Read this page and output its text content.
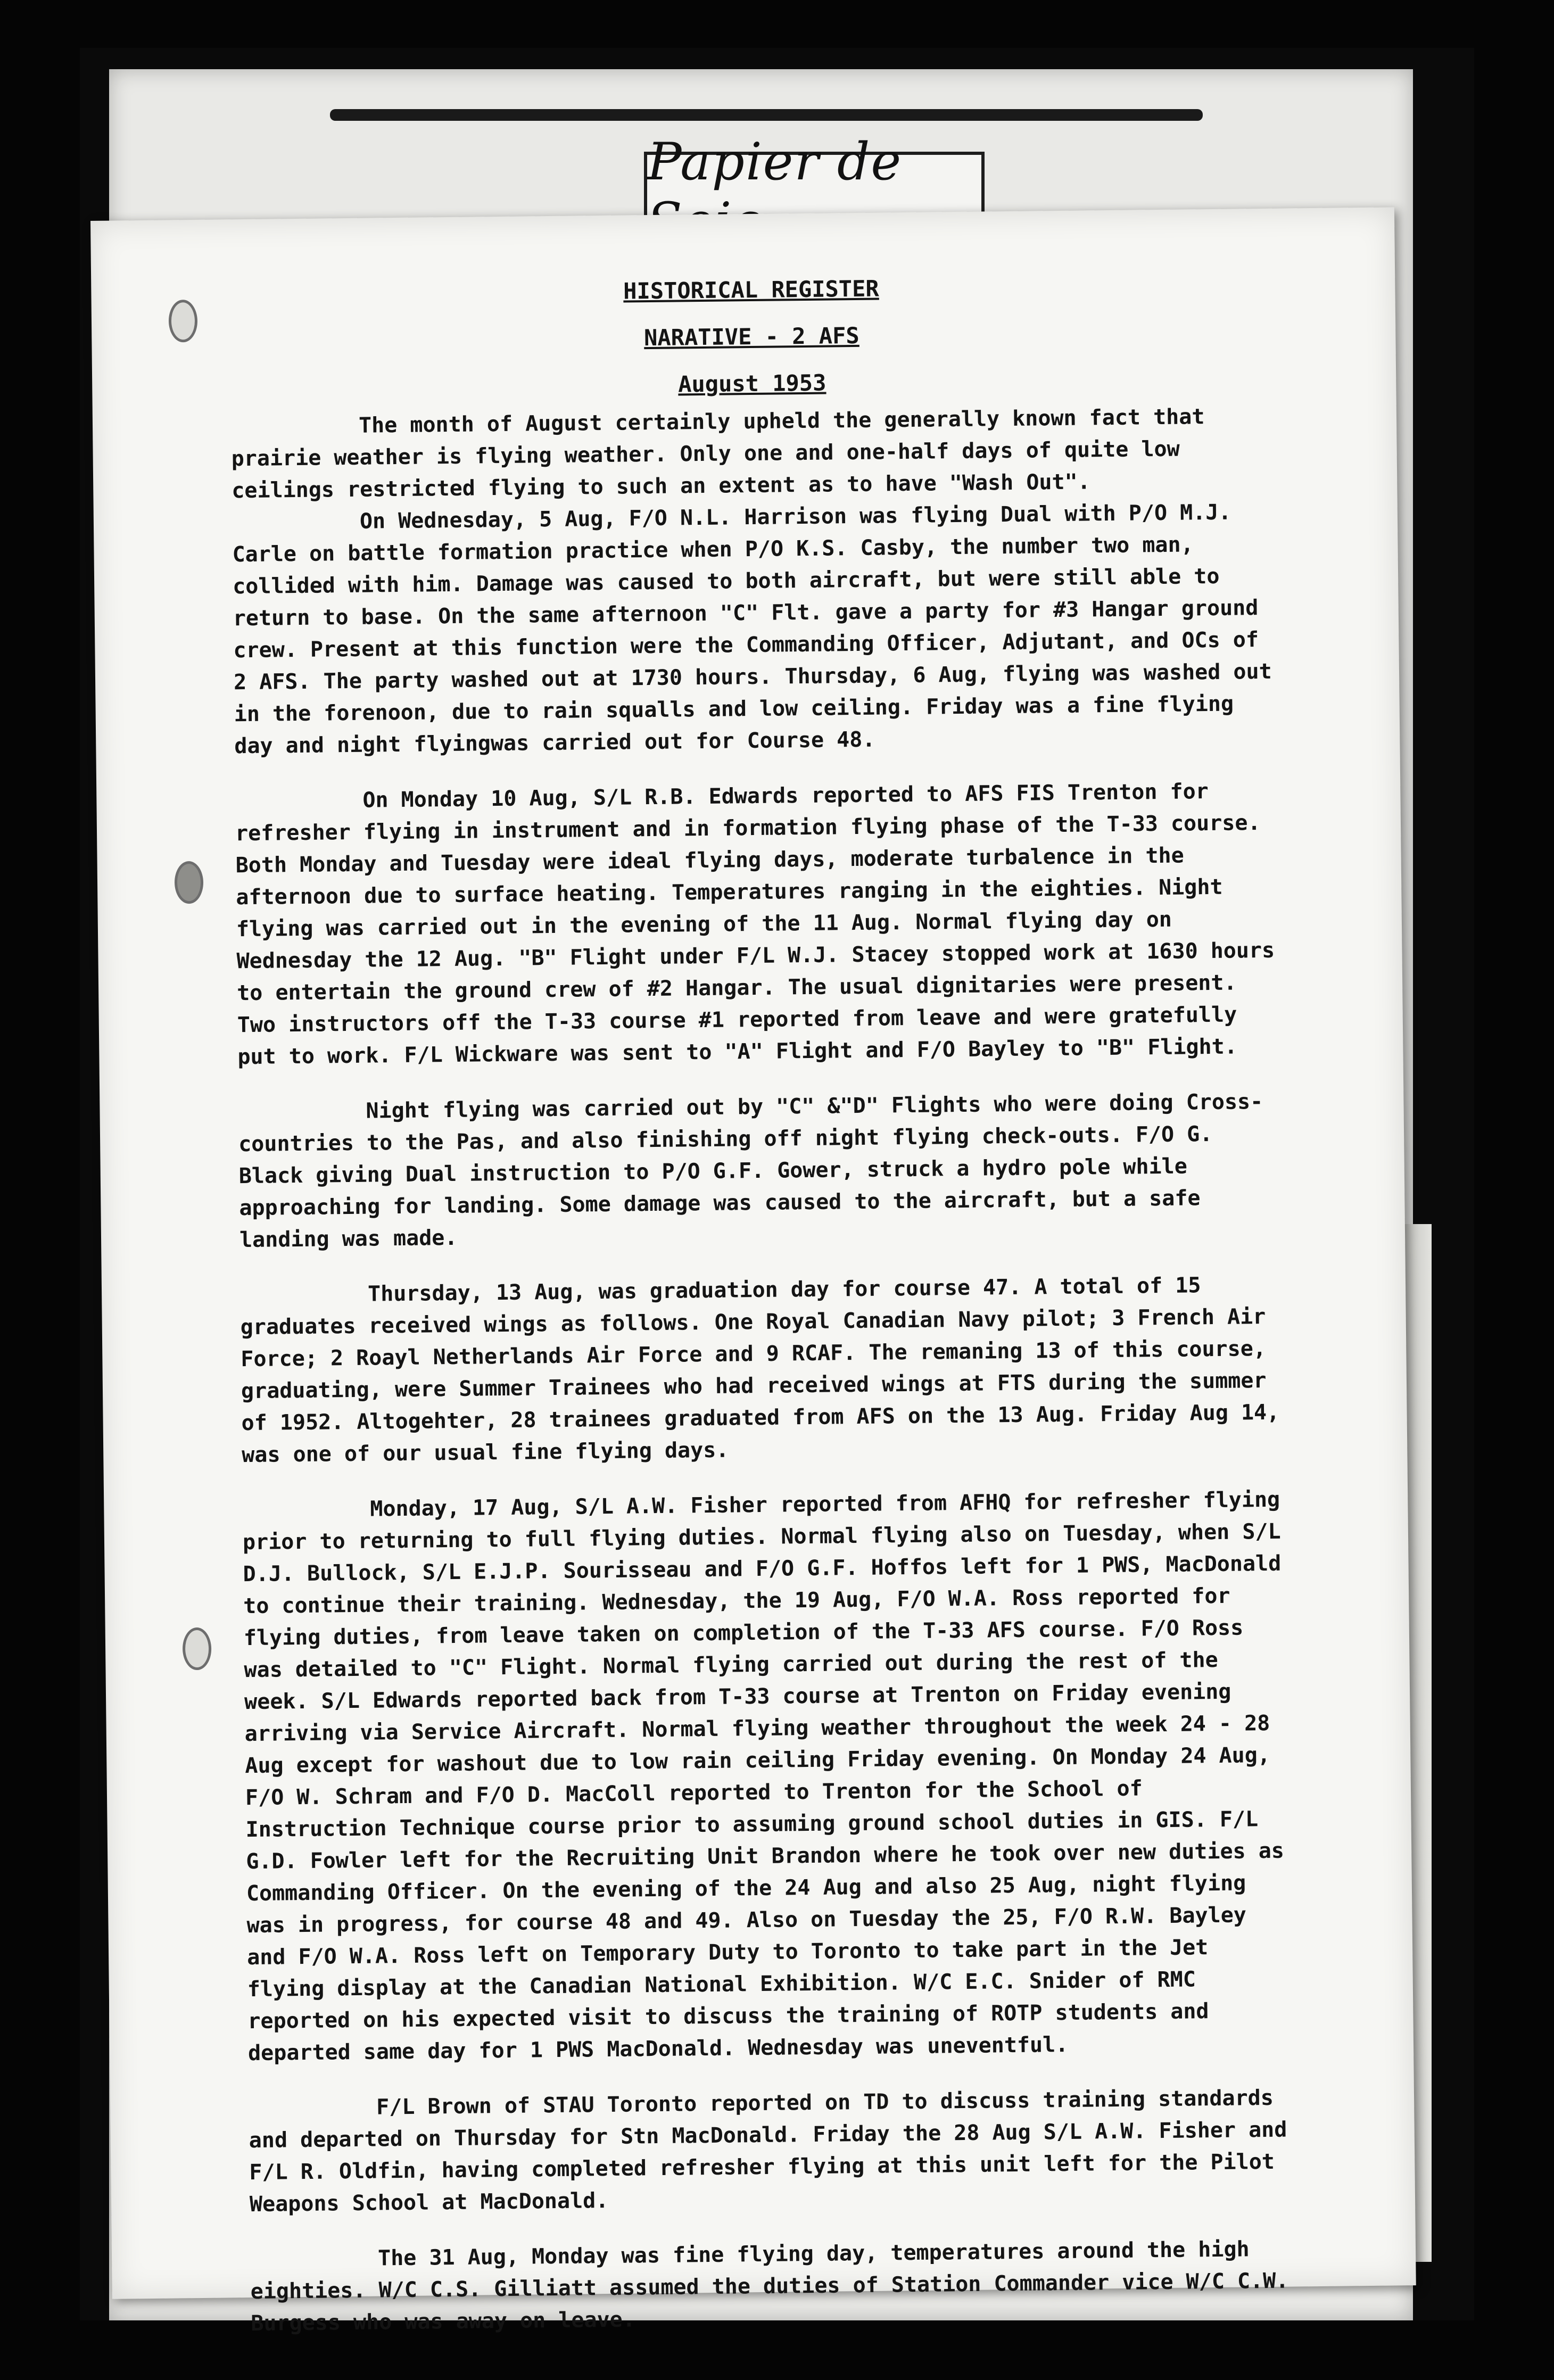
Papier de

HISTORICAL REGISTER

NARATIVE - 2 AFS

August 1953

The month of August certainly upheld the generally known fact that prairie weather is flying weather. Only one and one-half days of quite low ceilings restricted flying to such an extent as to have "Wash Out".

On Wednesday, 5 Aug, F/O N.L. Harrison was flying Dual with P/O M.J. Carle on battle formation practice when P/O K.S. Casby, the number two man, collided with him. Damage was caused to both aircraft, but were still able to return to base. On the same afternoon "C" Flt. gave a party for #3 Hangar ground crew. Present at this function were the Commanding Officer, Adjutant, and OCs of 2 AFS. The party washed out at 1730 hours. Thursday, 6 Aug, flying was washed out in the forenoon, due to rain squalls and low ceiling. Friday was a fine flying day and night flyingwas carried out for Course 48.

On Monday 10 Aug, S/L R.B. Edwards reported to AFS FIS Trenton for refresher flying in instrument and in formation flying phase of the T-33 course. Both Monday and Tuesday were ideal flying days, moderate turbalence in the afternoon due to surface heating. Temperatures ranging in the eighties. Night flying was carried out in the evening of the 11 Aug. Normal flying day on Wednesday the 12 Aug. "B" Flight under F/L W.J. Stacey stopped work at 1630 hours to entertain the ground crew of #2 Hangar. The usual dignitaries were present. Two instructors off the T-33 course #1 reported from leave and were gratefully put to work. F/L Wickware was sent to "A" Flight and F/O Bayley to "B" Flight.

Night flying was carried out by "C" &"D" Flights who were doing Cross-countries to the Pas, and also finishing off night flying check-outs. F/O G. Black giving Dual instruction to P/O G.F. Gower, struck a hydro pole while approaching for landing. Some damage was caused to the aircraft, but a safe landing was made.

Thursday, 13 Aug, was graduation day for course 47. A total of 15 graduates received wings as follows. One Royal Canadian Navy pilot; 3 French Air Force; 2 Roayl Netherlands Air Force and 9 RCAF. The remaning 13 of this course, graduating, were Summer Trainees who had received wings at FTS during the summer of 1952. Altogehter, 28 trainees graduated from AFS on the 13 Aug. Friday Aug 14, was one of our usual fine flying days.

Monday, 17 Aug, S/L A.W. Fisher reported from AFHQ for refresher flying prior to returning to full flying duties. Normal flying also on Tuesday, when S/L D.J. Bullock, S/L E.J.P. Sourisseau and F/O G.F. Hoffos left for 1 PWS, MacDonald to continue their training. Wednesday, the 19 Aug, F/O W.A. Ross reported for flying duties, from leave taken on completion of the T-33 AFS course. F/O Ross was detailed to "C" Flight. Normal flying carried out during the rest of the week. S/L Edwards reported back from T-33 course at Trenton on Friday evening arriving via Service Aircraft. Normal flying weather throughout the week 24 - 28 Aug except for washout due to low rain ceiling Friday evening. On Monday 24 Aug, F/O W. Schram and F/O D. MacColl reported to Trenton for the School of Instruction Technique course prior to assuming ground school duties in GIS. F/L G.D. Fowler left for the Recruiting Unit Brandon where he took over new duties as Commanding Officer. On the evening of the 24 Aug and also 25 Aug, night flying was in progress, for course 48 and 49. Also on Tuesday the 25, F/O R.W. Bayley and F/O W.A. Ross left on Temporary Duty to Toronto to take part in the Jet flying display at the Canadian National Exhibition. W/C E.C. Snider of RMC reported on his expected visit to discuss the training of ROTP students and departed same day for 1 PWS MacDonald. Wednesday was uneventful.

F/L Brown of STAU Toronto reported on TD to discuss training standards and departed on Thursday for Stn MacDonald. Friday the 28 Aug S/L A.W. Fisher and F/L R. Oldfin, having completed refresher flying at this unit left for the Pilot Weapons School at MacDonald.

The 31 Aug, Monday was fine flying day, temperatures around the high eighties. W/C C.S. Gilliatt assumed the duties of Station Commander vice W/C C.W. Burgess who was away on leave.
